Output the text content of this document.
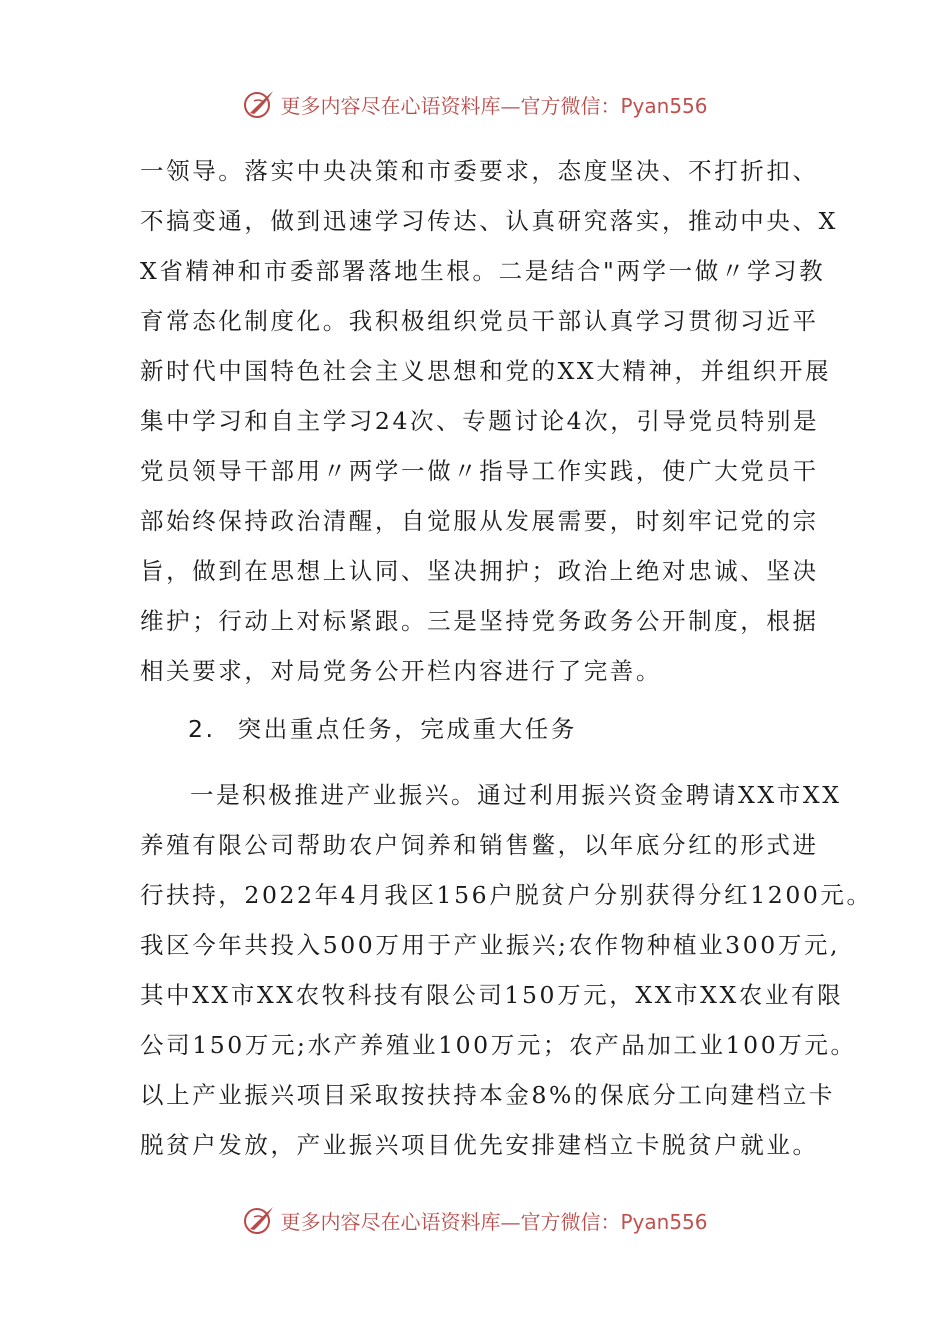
更多内容尽在心语资料库—官方微信：Pyan556
一领导。落实中央决策和市委要求，态度坚决、不打折扣、
不搞变通，做到迅速学习传达、认真研究落实，推动中央、X
X省精神和市委部署落地生根。二是结合"两学一做〃学习教
育常态化制度化。我积极组织党员干部认真学习贯彻习近平
新时代中国特色社会主义思想和党的XX大精神，并组织开展
集中学习和自主学习24次、专题讨论4次，引导党员特别是
党员领导干部用〃两学一做〃指导工作实践，使广大党员干
部始终保持政治清醒，自觉服从发展需要，时刻牢记党的宗
旨，做到在思想上认同、坚决拥护；政治上绝对忠诚、坚决
维护；行动上对标紧跟。三是坚持党务政务公开制度，根据
相关要求，对局党务公开栏内容进行了完善。
2. 突出重点任务，完成重大任务
一是积极推进产业振兴。通过利用振兴资金聘请XX市XX
养殖有限公司帮助农户饲养和销售鳖，以年底分红的形式进
行扶持，2022年4月我区156户脱贫户分别获得分红1200元。
我区今年共投入500万用于产业振兴;农作物种植业300万元,
其中XX市XX农牧科技有限公司150万元，XX市XX农业有限
公司150万元;水产养殖业100万元；农产品加工业100万元。
以上产业振兴项目采取按扶持本金8%的保底分工向建档立卡
脱贫户发放，产业振兴项目优先安排建档立卡脱贫户就业。
更多内容尽在心语资料库—官方微信：Pyan556
